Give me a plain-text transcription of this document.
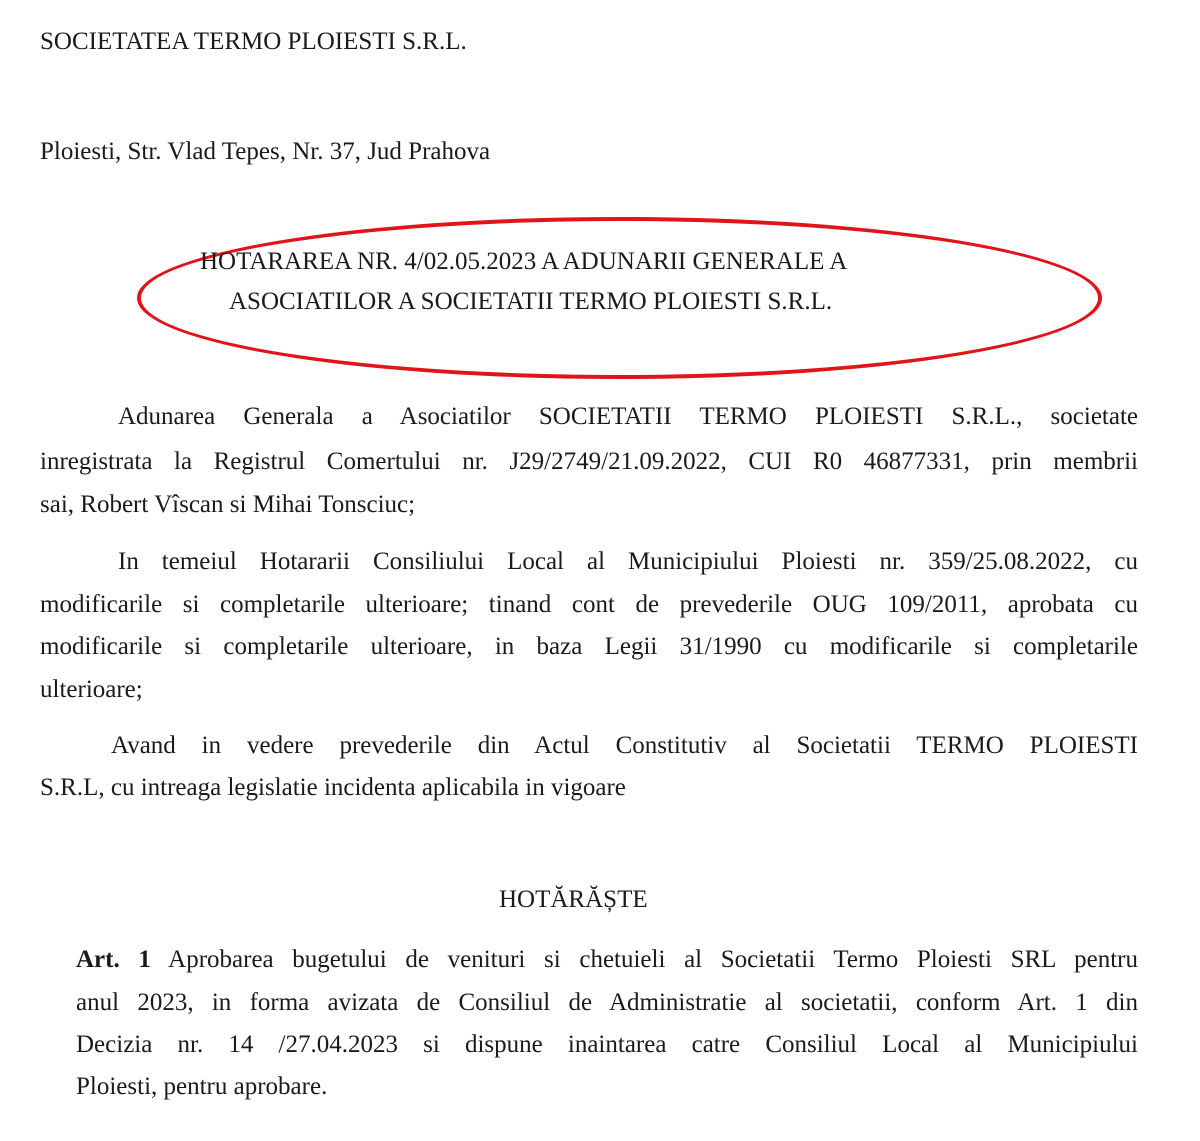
SOCIETATEA TERMO PLOIESTI S.R.L.
Ploiesti, Str. Vlad Tepes, Nr. 37, Jud Prahova
HOTARAREA NR. 4/02.05.2023 A ADUNARII GENERALE A
ASOCIATILOR A SOCIETATII TERMO PLOIESTI S.R.L.
Adunarea Generala a Asociatilor SOCIETATII TERMO PLOIESTI S.R.L., societate
inregistrata la Registrul Comertului nr. J29/2749/21.09.2022, CUI R0 46877331, prin membrii
sai, Robert Vîscan si Mihai Tonsciuc;
In temeiul Hotararii Consiliului Local al Municipiului Ploiesti nr. 359/25.08.2022, cu
modificarile si completarile ulterioare; tinand cont de prevederile OUG 109/2011, aprobata cu
modificarile si completarile ulterioare, in baza Legii 31/1990 cu modificarile si completarile
ulterioare;
Avand in vedere prevederile din Actul Constitutiv al Societatii TERMO PLOIESTI
S.R.L, cu intreaga legislatie incidenta aplicabila in vigoare
HOTĂRĂȘTE
Art. 1 Aprobarea bugetului de venituri si chetuieli al Societatii Termo Ploiesti SRL pentru
anul 2023, in forma avizata de Consiliul de Administratie al societatii, conform Art. 1 din
Decizia nr. 14 /27.04.2023 si dispune inaintarea catre Consiliul Local al Municipiului
Ploiesti, pentru aprobare.
